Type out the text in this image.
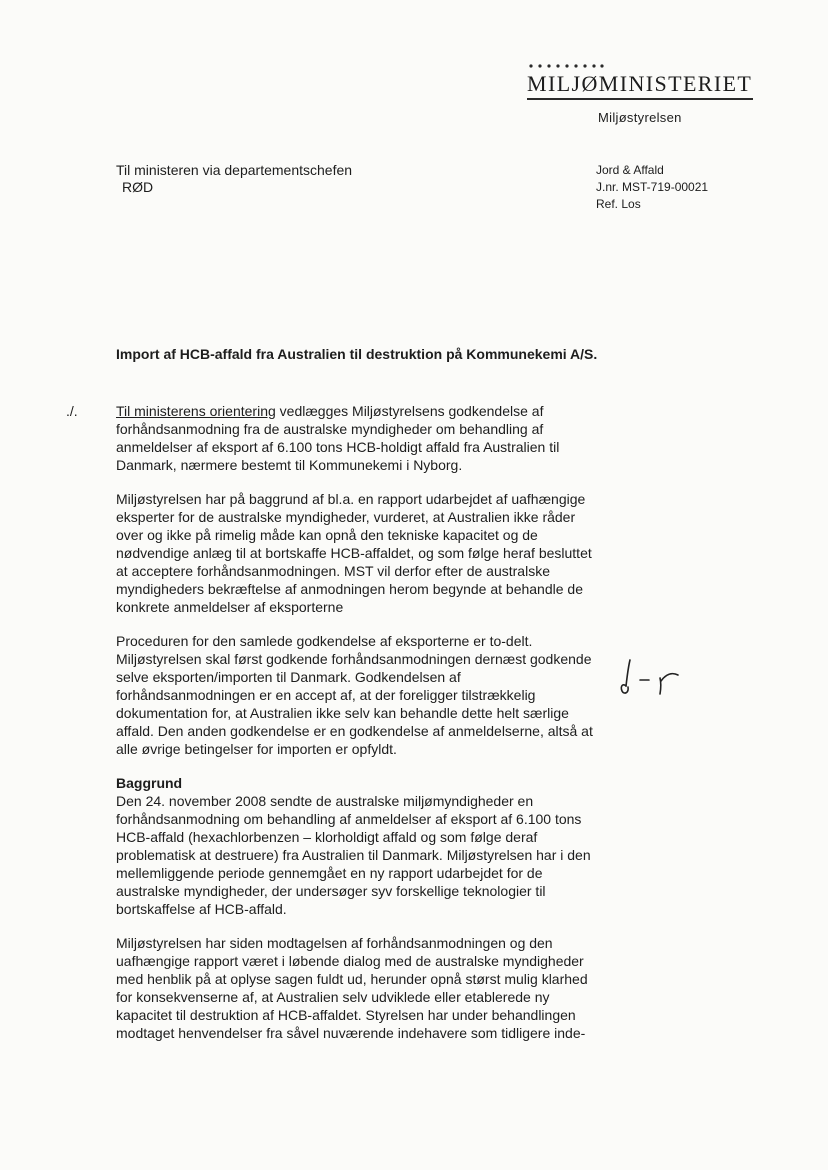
MILJØMINISTERIET
Miljøstyrelsen
Til ministeren via departementschefen
RØD
Jord & Affald
J.nr. MST-719-00021
Ref. Los
Import af HCB-affald fra Australien til destruktion på Kommunekemi A/S.
./.	Til ministerens orientering vedlægges Miljøstyrelsens godkendelse af forhåndsanmodning fra de australske myndigheder om behandling af anmeldelser af eksport af 6.100 tons HCB-holdigt affald fra Australien til Danmark, nærmere bestemt til Kommunekemi i Nyborg.

Miljøstyrelsen har på baggrund af bl.a. en rapport udarbejdet af uafhængige eksperter for de australske myndigheder, vurderet, at Australien ikke råder over og ikke på rimelig måde kan opnå den tekniske kapacitet og de nødvendige anlæg til at bortskaffe HCB-affaldet, og som følge heraf besluttet at acceptere forhåndsanmodningen. MST vil derfor efter de australske myndigheders bekræftelse af anmodningen herom begynde at behandle de konkrete anmeldelser af eksporterne

Proceduren for den samlede godkendelse af eksporterne er to-delt. Miljøstyrelsen skal først godkende forhåndsanmodningen dernæst godkende selve eksporten/importen til Danmark. Godkendelsen af forhåndsanmodningen er en accept af, at der foreligger tilstrækkelig dokumentation for, at Australien ikke selv kan behandle dette helt særlige affald. Den anden godkendelse er en godkendelse af anmeldelserne, altså at alle øvrige betingelser for importen er opfyldt.

Baggrund

Den 24. november 2008 sendte de australske miljømyndigheder en forhåndsanmodning om behandling af anmeldelser af eksport af 6.100 tons HCB-affald (hexachlorbenzen – klorholdigt affald og som følge deraf problematisk at destruere) fra Australien til Danmark. Miljøstyrelsen har i den mellemliggende periode gennemgået en ny rapport udarbejdet for de australske myndigheder, der undersøger syv forskellige teknologier til bortskaffelse af HCB-affald.

Miljøstyrelsen har siden modtagelsen af forhåndsanmodningen og den uafhængige rapport været i løbende dialog med de australske myndigheder med henblik på at oplyse sagen fuldt ud, herunder opnå størst mulig klarhed for konsekvenserne af, at Australien selv udviklede eller etablerede ny kapacitet til destruktion af HCB-affaldet. Styrelsen har under behandlingen modtaget henvendelser fra såvel nuværende indehavere som tidligere inde-
